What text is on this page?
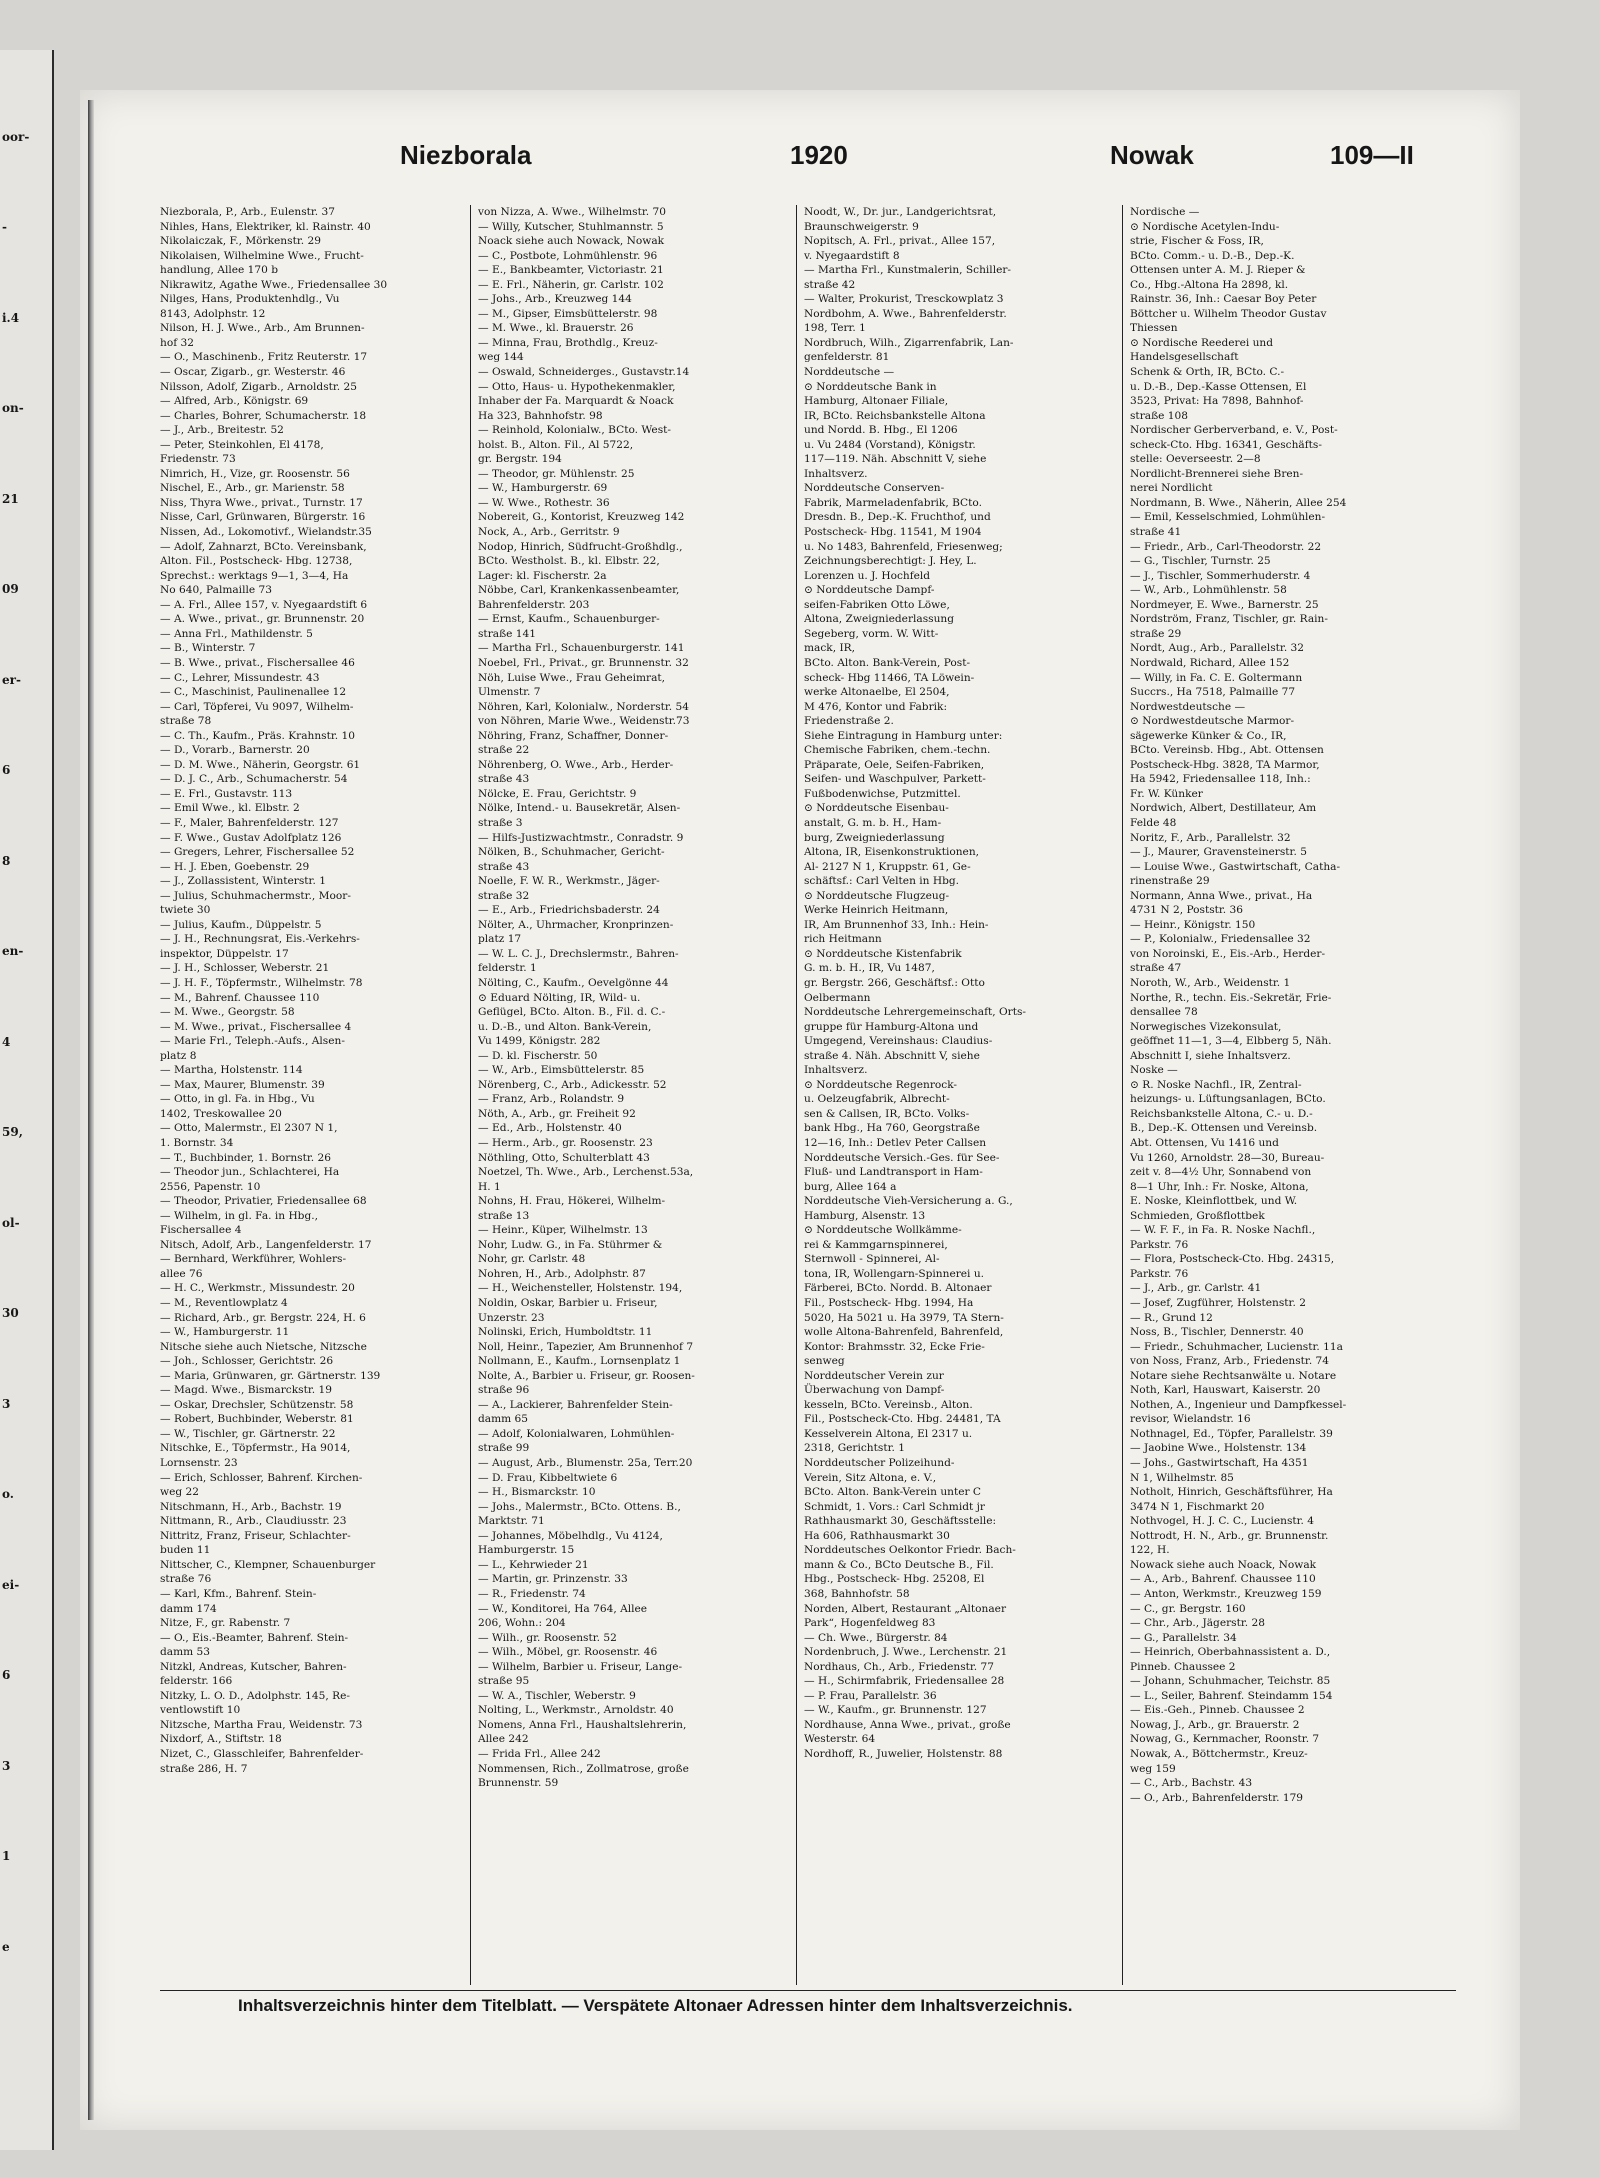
oor-
-
i.4
on-
21
09
er-
6
8
en-
4
59,
ol-
30
3
o.
ei-
6
3
1
e
Niezborala	1920	Nowak	109—II
Niezborala, P., Arb., Eulenstr. 37
Nihles, Hans, Elektriker, kl. Rainstr. 40
Nikolaiczak, F., Mörkenstr. 29
Nikolaisen, Wilhelmine Wwe., Frucht-
handlung, Allee 170 b
Nikrawitz, Agathe Wwe., Friedensallee 30
Nilges, Hans, Produktenhdlg., Vu
8143, Adolphstr. 12
Nilson, H. J. Wwe., Arb., Am Brunnen-
hof 32
— O., Maschinenb., Fritz Reuterstr. 17
— Oscar, Zigarb., gr. Westerstr. 46
Nilsson, Adolf, Zigarb., Arnoldstr. 25
— Alfred, Arb., Königstr. 69
— Charles, Bohrer, Schumacherstr. 18
— J., Arb., Breitestr. 52
— Peter, Steinkohlen, El 4178,
Friedenstr. 73
Nimrich, H., Vize, gr. Roosenstr. 56
Nischel, E., Arb., gr. Marienstr. 58
Niss, Thyra Wwe., privat., Turnstr. 17
Nisse, Carl, Grünwaren, Bürgerstr. 16
Nissen, Ad., Lokomotivf., Wielandstr.35
— Adolf, Zahnarzt, BCto. Vereinsbank,
Alton. Fil., Postscheck- Hbg. 12738,
Sprechst.: werktags 9—1, 3—4, Ha
No 640, Palmaille 73
— A. Frl., Allee 157, v. Nyegaardstift 6
— A. Wwe., privat., gr. Brunnenstr. 20
— Anna Frl., Mathildenstr. 5
— B., Winterstr. 7
— B. Wwe., privat., Fischersallee 46
— C., Lehrer, Missundestr. 43
— C., Maschinist, Paulinenallee 12
— Carl, Töpferei, Vu 9097, Wilhelm-
straße 78
— C. Th., Kaufm., Präs. Krahnstr. 10
— D., Vorarb., Barnerstr. 20
— D. M. Wwe., Näherin, Georgstr. 61
— D. J. C., Arb., Schumacherstr. 54
— E. Frl., Gustavstr. 113
— Emil Wwe., kl. Elbstr. 2
— F., Maler, Bahrenfelderstr. 127
— F. Wwe., Gustav Adolfplatz 126
— Gregers, Lehrer, Fischersallee 52
— H. J. Eben, Goebenstr. 29
— J., Zollassistent, Winterstr. 1
— Julius, Schuhmachermstr., Moor-
twiete 30
— Julius, Kaufm., Düppelstr. 5
— J. H., Rechnungsrat, Eis.-Verkehrs-
inspektor, Düppelstr. 17
— J. H., Schlosser, Weberstr. 21
— J. H. F., Töpfermstr., Wilhelmstr. 78
— M., Bahrenf. Chaussee 110
— M. Wwe., Georgstr. 58
— M. Wwe., privat., Fischersallee 4
— Marie Frl., Teleph.-Aufs., Alsen-
platz 8
— Martha, Holstenstr. 114
— Max, Maurer, Blumenstr. 39
— Otto, in gl. Fa. in Hbg., Vu
1402, Treskowallee 20
— Otto, Malermstr., El 2307 N 1,
1. Bornstr. 34
— T., Buchbinder, 1. Bornstr. 26
— Theodor jun., Schlachterei, Ha
2556, Papenstr. 10
— Theodor, Privatier, Friedensallee 68
— Wilhelm, in gl. Fa. in Hbg.,
Fischersallee 4
Nitsch, Adolf, Arb., Langenfelderstr. 17
— Bernhard, Werkführer, Wohlers-
allee 76
— H. C., Werkmstr., Missundestr. 20
— M., Reventlowplatz 4
— Richard, Arb., gr. Bergstr. 224, H. 6
— W., Hamburgerstr. 11
Nitsche siehe auch Nietsche, Nitzsche
— Joh., Schlosser, Gerichtstr. 26
— Maria, Grünwaren, gr. Gärtnerstr. 139
— Magd. Wwe., Bismarckstr. 19
— Oskar, Drechsler, Schützenstr. 58
— Robert, Buchbinder, Weberstr. 81
— W., Tischler, gr. Gärtnerstr. 22
Nitschke, E., Töpfermstr., Ha 9014,
Lornsenstr. 23
— Erich, Schlosser, Bahrenf. Kirchen-
weg 22
Nitschmann, H., Arb., Bachstr. 19
Nittmann, R., Arb., Claudiusstr. 23
Nittritz, Franz, Friseur, Schlachter-
buden 11
Nittscher, C., Klempner, Schauenburger
straße 76
— Karl, Kfm., Bahrenf. Stein-
damm 174
Nitze, F., gr. Rabenstr. 7
— O., Eis.-Beamter, Bahrenf. Stein-
damm 53
Nitzkl, Andreas, Kutscher, Bahren-
felderstr. 166
Nitzky, L. O. D., Adolphstr. 145, Re-
ventlowstift 10
Nitzsche, Martha Frau, Weidenstr. 73
Nixdorf, A., Stiftstr. 18
Nizet, C., Glasschleifer, Bahrenfelder-
straße 286, H. 7
von Nizza, A. Wwe., Wilhelmstr. 70
— Willy, Kutscher, Stuhlmannstr. 5
Noack siehe auch Nowack, Nowak
— C., Postbote, Lohmühlenstr. 96
— E., Bankbeamter, Victoriastr. 21
— E. Frl., Näherin, gr. Carlstr. 102
— Johs., Arb., Kreuzweg 144
— M., Gipser, Eimsbüttelerstr. 98
— M. Wwe., kl. Brauerstr. 26
— Minna, Frau, Brothdlg., Kreuz-
weg 144
— Oswald, Schneiderges., Gustavstr.14
— Otto, Haus- u. Hypothekenmakler,
Inhaber der Fa. Marquardt & Noack
Ha 323, Bahnhofstr. 98
— Reinhold, Kolonialw., BCto. West-
holst. B., Alton. Fil., Al 5722,
gr. Bergstr. 194
— Theodor, gr. Mühlenstr. 25
— W., Hamburgerstr. 69
— W. Wwe., Rothestr. 36
Nobereit, G., Kontorist, Kreuzweg 142
Nock, A., Arb., Gerritstr. 9
Nodop, Hinrich, Südfrucht-Großhdlg.,
BCto. Westholst. B., kl. Elbstr. 22,
Lager: kl. Fischerstr. 2a
Nöbbe, Carl, Krankenkassenbeamter,
Bahrenfelderstr. 203
— Ernst, Kaufm., Schauenburger-
straße 141
— Martha Frl., Schauenburgerstr. 141
Noebel, Frl., Privat., gr. Brunnenstr. 32
Nöh, Luise Wwe., Frau Geheimrat,
Ulmenstr. 7
Nöhren, Karl, Kolonialw., Norderstr. 54
von Nöhren, Marie Wwe., Weidenstr.73
Nöhring, Franz, Schaffner, Donner-
straße 22
Nöhrenberg, O. Wwe., Arb., Herder-
straße 43
Nölcke, E. Frau, Gerichtstr. 9
Nölke, Intend.- u. Bausekretär, Alsen-
straße 3
— Hilfs-Justizwachtmstr., Conradstr. 9
Nölken, B., Schuhmacher, Gericht-
straße 43
Noelle, F. W. R., Werkmstr., Jäger-
straße 32
— E., Arb., Friedrichsbaderstr. 24
Nölter, A., Uhrmacher, Kronprinzen-
platz 17
— W. L. C. J., Drechslermstr., Bahren-
felderstr. 1
Nölting, C., Kaufm., Oevelgönne 44
⊙ Eduard Nölting, IR, Wild- u.
Geflügel, BCto. Alton. B., Fil. d. C.-
u. D.-B., und Alton. Bank-Verein,
Vu 1499, Königstr. 282
— D. kl. Fischerstr. 50
— W., Arb., Eimsbüttelerstr. 85
Nörenberg, C., Arb., Adickesstr. 52
— Franz, Arb., Rolandstr. 9
Nöth, A., Arb., gr. Freiheit 92
— Ed., Arb., Holstenstr. 40
— Herm., Arb., gr. Roosenstr. 23
Nöthling, Otto, Schulterblatt 43
Noetzel, Th. Wwe., Arb., Lerchenst.53a,
H. 1
Nohns, H. Frau, Hökerei, Wilhelm-
straße 13
— Heinr., Küper, Wilhelmstr. 13
Nohr, Ludw. G., in Fa. Stührmer &
Nohr, gr. Carlstr. 48
Nohren, H., Arb., Adolphstr. 87
— H., Weichensteller, Holstenstr. 194,
Noldin, Oskar, Barbier u. Friseur,
Unzerstr. 23
Nolinski, Erich, Humboldtstr. 11
Noll, Heinr., Tapezier, Am Brunnenhof 7
Nollmann, E., Kaufm., Lornsenplatz 1
Nolte, A., Barbier u. Friseur, gr. Roosen-
straße 96
— A., Lackierer, Bahrenfelder Stein-
damm 65
— Adolf, Kolonialwaren, Lohmühlen-
straße 99
— August, Arb., Blumenstr. 25a, Terr.20
— D. Frau, Kibbeltwiete 6
— H., Bismarckstr. 10
— Johs., Malermstr., BCto. Ottens. B.,
Marktstr. 71
— Johannes, Möbelhdlg., Vu 4124,
Hamburgerstr. 15
— L., Kehrwieder 21
— Martin, gr. Prinzenstr. 33
— R., Friedenstr. 74
— W., Konditorei, Ha 764, Allee
206, Wohn.: 204
— Wilh., gr. Roosenstr. 52
— Wilh., Möbel, gr. Roosenstr. 46
— Wilhelm, Barbier u. Friseur, Lange-
straße 95
— W. A., Tischler, Weberstr. 9
Nolting, L., Werkmstr., Arnoldstr. 40
Nomens, Anna Frl., Haushaltslehrerin,
Allee 242
— Frida Frl., Allee 242
Nommensen, Rich., Zollmatrose, große
Brunnenstr. 59
Noodt, W., Dr. jur., Landgerichtsrat,
Braunschweigerstr. 9
Nopitsch, A. Frl., privat., Allee 157,
v. Nyegaardstift 8
— Martha Frl., Kunstmalerin, Schiller-
straße 42
— Walter, Prokurist, Tresckowplatz 3
Nordbohm, A. Wwe., Bahrenfelderstr.
198, Terr. 1
Nordbruch, Wilh., Zigarrenfabrik, Lan-
genfelderstr. 81
Norddeutsche —
⊙ Norddeutsche Bank in
Hamburg, Altonaer Filiale,
IR, BCto. Reichsbankstelle Altona
und Nordd. B. Hbg., El 1206
u. Vu 2484 (Vorstand), Königstr.
117—119. Näh. Abschnitt V, siehe
Inhaltsverz.
Norddeutsche Conserven-
Fabrik, Marmeladenfabrik, BCto.
Dresdn. B., Dep.-K. Fruchthof, und
Postscheck- Hbg. 11541, M 1904
u. No 1483, Bahrenfeld, Friesenweg;
Zeichnungsberechtigt: J. Hey, L.
Lorenzen u. J. Hochfeld
⊙ Norddeutsche Dampf-
seifen-Fabriken Otto Löwe,
Altona, Zweigniederlassung
Segeberg, vorm. W. Witt-
mack, IR,
BCto. Alton. Bank-Verein, Post-
scheck- Hbg 11466, TA Löwein-
werke Altonaelbe, El 2504,
M 476, Kontor und Fabrik:
Friedenstraße 2.
Siehe Eintragung in Hamburg unter:
Chemische Fabriken, chem.-techn.
Präparate, Oele, Seifen-Fabriken,
Seifen- und Waschpulver, Parkett-
Fußbodenwichse, Putzmittel.
⊙ Norddeutsche Eisenbau-
anstalt, G. m. b. H., Ham-
burg, Zweigniederlassung
Altona, IR, Eisenkonstruktionen,
Al- 2127 N 1, Kruppstr. 61, Ge-
schäftsf.: Carl Velten in Hbg.
⊙ Norddeutsche Flugzeug-
Werke Heinrich Heitmann,
IR, Am Brunnenhof 33, Inh.: Hein-
rich Heitmann
⊙ Norddeutsche Kistenfabrik
G. m. b. H., IR, Vu 1487,
gr. Bergstr. 266, Geschäftsf.: Otto
Oelbermann
Norddeutsche Lehrergemeinschaft, Orts-
gruppe für Hamburg-Altona und
Umgegend, Vereinshaus: Claudius-
straße 4. Näh. Abschnitt V, siehe
Inhaltsverz.
⊙ Norddeutsche Regenrock-
u. Oelzeugfabrik, Albrecht-
sen & Callsen, IR, BCto. Volks-
bank Hbg., Ha 760, Georgstraße
12—16, Inh.: Detlev Peter Callsen
Norddeutsche Versich.-Ges. für See-
Fluß- und Landtransport in Ham-
burg, Allee 164 a
Norddeutsche Vieh-Versicherung a. G.,
Hamburg, Alsenstr. 13
⊙ Norddeutsche Wollkämme-
rei & Kammgarnspinnerei,
Sternwoll - Spinnerei, Al-
tona, IR, Wollengarn-Spinnerei u.
Färberei, BCto. Nordd. B. Altonaer
Fil., Postscheck- Hbg. 1994, Ha
5020, Ha 5021 u. Ha 3979, TA Stern-
wolle Altona-Bahrenfeld, Bahrenfeld,
Kontor: Brahmsstr. 32, Ecke Frie-
senweg
Norddeutscher Verein zur
Überwachung von Dampf-
kesseln, BCto. Vereinsb., Alton.
Fil., Postscheck-Cto. Hbg. 24481, TA
Kesselverein Altona, El 2317 u.
2318, Gerichtstr. 1
Norddeutscher Polizeihund-
Verein, Sitz Altona, e. V.,
BCto. Alton. Bank-Verein unter C
Schmidt, 1. Vors.: Carl Schmidt jr
Rathhausmarkt 30, Geschäftsstelle:
Ha 606, Rathhausmarkt 30
Norddeutsches Oelkontor Friedr. Bach-
mann & Co., BCto Deutsche B., Fil.
Hbg., Postscheck- Hbg. 25208, El
368, Bahnhofstr. 58
Norden, Albert, Restaurant „Altonaer
Park“, Hogenfeldweg 83
— Ch. Wwe., Bürgerstr. 84
Nordenbruch, J. Wwe., Lerchenstr. 21
Nordhaus, Ch., Arb., Friedenstr. 77
— H., Schirmfabrik, Friedensallee 28
— P. Frau, Parallelstr. 36
— W., Kaufm., gr. Brunnenstr. 127
Nordhause, Anna Wwe., privat., große
Westerstr. 64
Nordhoff, R., Juwelier, Holstenstr. 88
Nordische —
⊙ Nordische Acetylen-Indu-
strie, Fischer & Foss, IR,
BCto. Comm.- u. D.-B., Dep.-K.
Ottensen unter A. M. J. Rieper &
Co., Hbg.-Altona Ha 2898, kl.
Rainstr. 36, Inh.: Caesar Boy Peter
Böttcher u. Wilhelm Theodor Gustav
Thiessen
⊙ Nordische Reederei und
Handelsgesellschaft
Schenk & Orth, IR, BCto. C.-
u. D.-B., Dep.-Kasse Ottensen, El
3523, Privat: Ha 7898, Bahnhof-
straße 108
Nordischer Gerberverband, e. V., Post-
scheck-Cto. Hbg. 16341, Geschäfts-
stelle: Oeverseestr. 2—8
Nordlicht-Brennerei siehe Bren-
nerei Nordlicht
Nordmann, B. Wwe., Näherin, Allee 254
— Emil, Kesselschmied, Lohmühlen-
straße 41
— Friedr., Arb., Carl-Theodorstr. 22
— G., Tischler, Turnstr. 25
— J., Tischler, Sommerhuderstr. 4
— W., Arb., Lohmühlenstr. 58
Nordmeyer, E. Wwe., Barnerstr. 25
Nordström, Franz, Tischler, gr. Rain-
straße 29
Nordt, Aug., Arb., Parallelstr. 32
Nordwald, Richard, Allee 152
— Willy, in Fa. C. E. Goltermann
Succrs., Ha 7518, Palmaille 77
Nordwestdeutsche —
⊙ Nordwestdeutsche Marmor-
sägewerke Künker & Co., IR,
BCto. Vereinsb. Hbg., Abt. Ottensen
Postscheck-Hbg. 3828, TA Marmor,
Ha 5942, Friedensallee 118, Inh.:
Fr. W. Künker
Nordwich, Albert, Destillateur, Am
Felde 48
Noritz, F., Arb., Parallelstr. 32
— J., Maurer, Gravensteinerstr. 5
— Louise Wwe., Gastwirtschaft, Catha-
rinenstraße 29
Normann, Anna Wwe., privat., Ha
4731 N 2, Poststr. 36
— Heinr., Königstr. 150
— P., Kolonialw., Friedensallee 32
von Noroinski, E., Eis.-Arb., Herder-
straße 47
Noroth, W., Arb., Weidenstr. 1
Northe, R., techn. Eis.-Sekretär, Frie-
densallee 78
Norwegisches Vizekonsulat,
geöffnet 11—1, 3—4, Elbberg 5, Näh.
Abschnitt I, siehe Inhaltsverz.
Noske —
⊙ R. Noske Nachfl., IR, Zentral-
heizungs- u. Lüftungsanlagen, BCto.
Reichsbankstelle Altona, C.- u. D.-
B., Dep.-K. Ottensen und Vereinsb.
Abt. Ottensen, Vu 1416 und
Vu 1260, Arnoldstr. 28—30, Bureau-
zeit v. 8—4½ Uhr, Sonnabend von
8—1 Uhr, Inh.: Fr. Noske, Altona,
E. Noske, Kleinflottbek, und W.
Schmieden, Großflottbek
— W. F. F., in Fa. R. Noske Nachfl.,
Parkstr. 76
— Flora, Postscheck-Cto. Hbg. 24315,
Parkstr. 76
— J., Arb., gr. Carlstr. 41
— Josef, Zugführer, Holstenstr. 2
— R., Grund 12
Noss, B., Tischler, Dennerstr. 40
— Friedr., Schuhmacher, Lucienstr. 11a
von Noss, Franz, Arb., Friedenstr. 74
Notare siehe Rechtsanwälte u. Notare
Noth, Karl, Hauswart, Kaiserstr. 20
Nothen, A., Ingenieur und Dampfkessel-
revisor, Wielandstr. 16
Nothnagel, Ed., Töpfer, Parallelstr. 39
— Jaobine Wwe., Holstenstr. 134
— Johs., Gastwirtschaft, Ha 4351
N 1, Wilhelmstr. 85
Notholt, Hinrich, Geschäftsführer, Ha
3474 N 1, Fischmarkt 20
Nothvogel, H. J. C. C., Lucienstr. 4
Nottrodt, H. N., Arb., gr. Brunnenstr.
122, H.
Nowack siehe auch Noack, Nowak
— A., Arb., Bahrenf. Chaussee 110
— Anton, Werkmstr., Kreuzweg 159
— C., gr. Bergstr. 160
— Chr., Arb., Jägerstr. 28
— G., Parallelstr. 34
— Heinrich, Oberbahnassistent a. D.,
Pinneb. Chaussee 2
— Johann, Schuhmacher, Teichstr. 85
— L., Seiler, Bahrenf. Steindamm 154
— Eis.-Geh., Pinneb. Chaussee 2
Nowag, J., Arb., gr. Brauerstr. 2
Nowag, G., Kernmacher, Roonstr. 7
Nowak, A., Böttchermstr., Kreuz-
weg 159
— C., Arb., Bachstr. 43
— O., Arb., Bahrenfelderstr. 179
Inhaltsverzeichnis hinter dem Titelblatt. — Verspätete Altonaer Adressen hinter dem Inhaltsverzeichnis.
